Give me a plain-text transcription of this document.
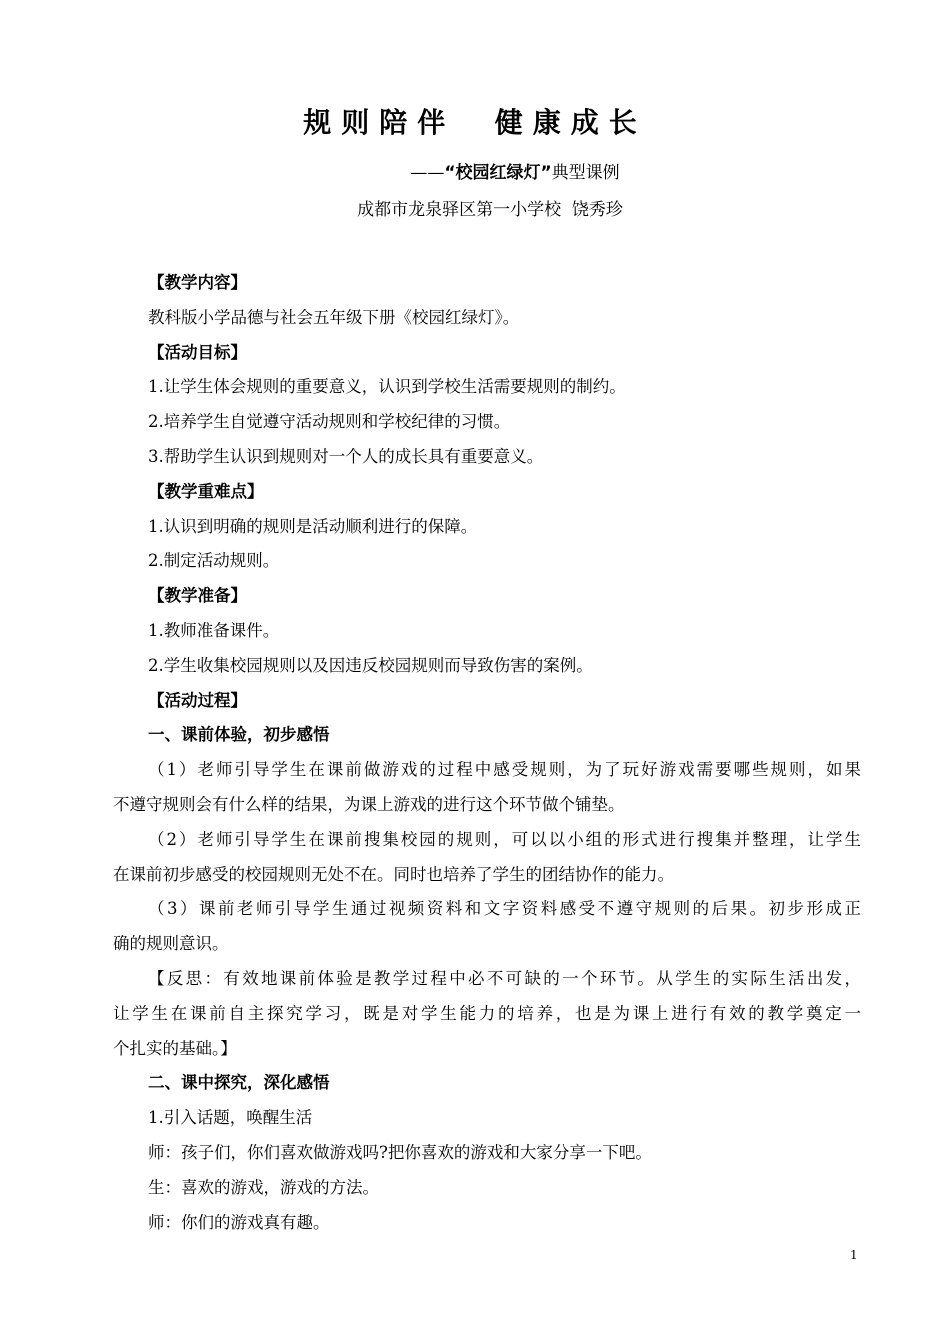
规则陪伴  健康成长
——“校园红绿灯”典型课例
成都市龙泉驿区第一小学校  饶秀珍
【教学内容】
教科版小学品德与社会五年级下册《校园红绿灯》。
【活动目标】
1.让学生体会规则的重要意义，认识到学校生活需要规则的制约。
2.培养学生自觉遵守活动规则和学校纪律的习惯。
3.帮助学生认识到规则对一个人的成长具有重要意义。
【教学重难点】
1.认识到明确的规则是活动顺利进行的保障。
2.制定活动规则。
【教学准备】
1.教师准备课件。
2.学生收集校园规则以及因违反校园规则而导致伤害的案例。
【活动过程】
一、课前体验，初步感悟
（1）老师引导学生在课前做游戏的过程中感受规则，为了玩好游戏需要哪些规则，如果
不遵守规则会有什么样的结果，为课上游戏的进行这个环节做个铺垫。
（2）老师引导学生在课前搜集校园的规则，可以以小组的形式进行搜集并整理，让学生
在课前初步感受的校园规则无处不在。同时也培养了学生的团结协作的能力。
（3）课前老师引导学生通过视频资料和文字资料感受不遵守规则的后果。初步形成正
确的规则意识。
【反思：有效地课前体验是教学过程中必不可缺的一个环节。从学生的实际生活出发，
让学生在课前自主探究学习，既是对学生能力的培养，也是为课上进行有效的教学奠定一
个扎实的基础。】
二、课中探究，深化感悟
1.引入话题，唤醒生活
师：孩子们，你们喜欢做游戏吗?把你喜欢的游戏和大家分享一下吧。
生：喜欢的游戏，游戏的方法。
师：你们的游戏真有趣。
1
